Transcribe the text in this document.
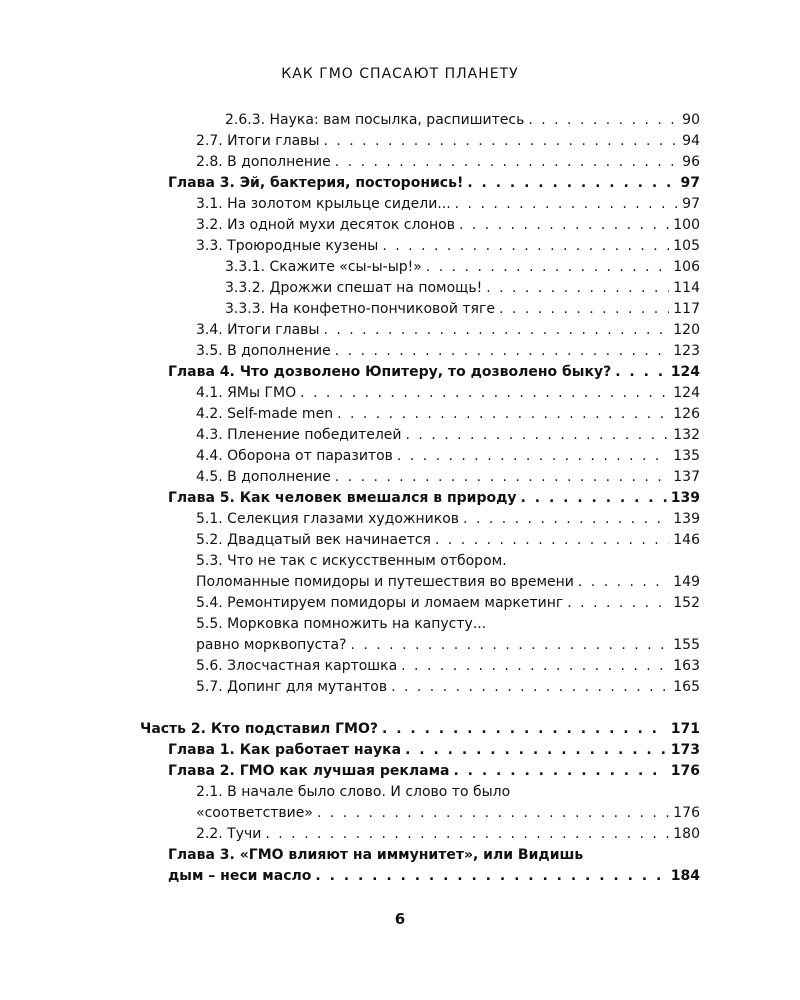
КАК ГМО СПАСАЮТ ПЛАНЕТУ
2.6.3. Наука: вам посылка, распишитесь . . .	90
2.7. Итоги главы . . .	94
2.8. В дополнение . . .	96
Глава 3. Эй, бактерия, посторонись! . . .	97
3.1. На золотом крыльце сидели... . . .	97
3.2. Из одной мухи десяток слонов . . .	100
3.3. Троюродные кузены . . .	105
3.3.1. Скажите «сы-ы-ыр!» . . .	106
3.3.2. Дрожжи спешат на помощь! . . .	114
3.3.3. На конфетно-пончиковой тяге . . .	117
3.4. Итоги главы . . .	120
3.5. В дополнение . . .	123
Глава 4. Что дозволено Юпитеру, то дозволено быку? . . .	124
4.1. ЯМы ГМО . . .	124
4.2. Self-made men . . .	126
4.3. Пленение победителей . . .	132
4.4. Оборона от паразитов . . .	135
4.5. В дополнение . . .	137
Глава 5. Как человек вмешался в природу . . .	139
5.1. Селекция глазами художников . . .	139
5.2. Двадцатый век начинается . . .	146
5.3. Что не так с искусственным отбором.
Поломанные помидоры и путешествия во времени . . .	149
5.4. Ремонтируем помидоры и ломаем маркетинг . . .	152
5.5. Морковка помножить на капусту...
равно морквопуста? . . .	155
5.6. Злосчастная картошка . . .	163
5.7. Допинг для мутантов . . .	165
Часть 2. Кто подставил ГМО? . . .	171
Глава 1. Как работает наука . . .	173
Глава 2. ГМО как лучшая реклама . . .	176
2.1. В начале было слово. И слово то было
«соответствие» . . .	176
2.2. Тучи . . .	180
Глава 3. «ГМО влияют на иммунитет», или Видишь
дым – неси масло . . .	184
6
